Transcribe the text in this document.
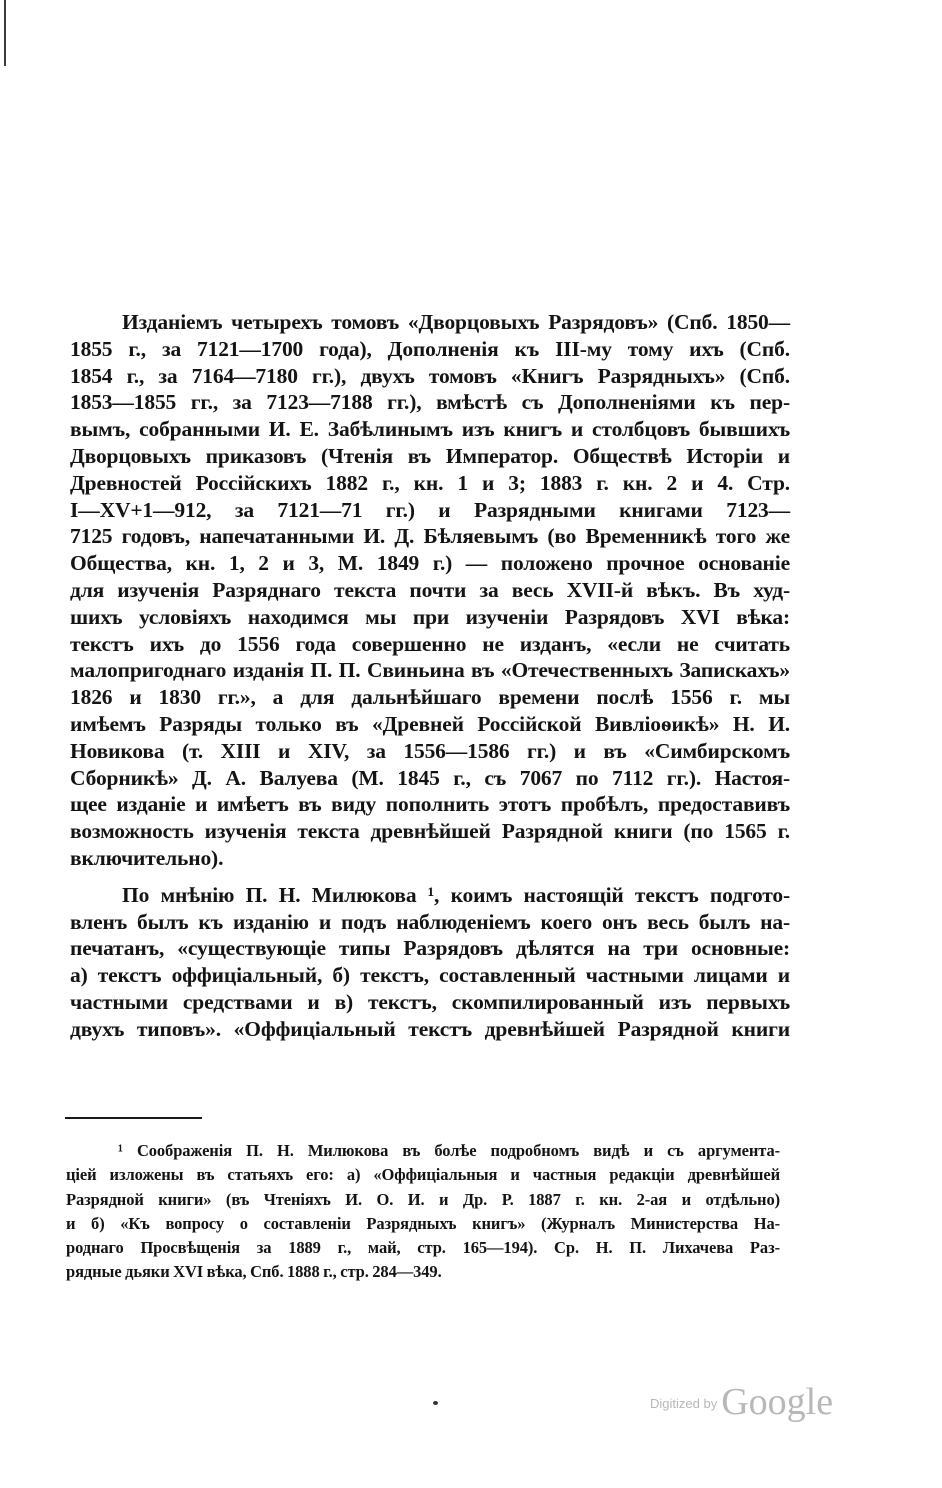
Изданіемъ четырехъ томовъ «Дворцовыхъ Разрядовъ» (Спб. 1850—
1855 г., за 7121—1700 года), Дополненія къ III-му тому ихъ (Спб.
1854 г., за 7164—7180 гг.), двухъ томовъ «Книгъ Разрядныхъ» (Спб.
1853—1855 гг., за 7123—7188 гг.), вмѣстѣ съ Дополненіями къ пер-
вымъ, собранными И. Е. Забѣлинымъ изъ книгъ и столбцовъ бывшихъ
Дворцовыхъ приказовъ (Чтенія въ Император. Обществѣ Исторіи и
Древностей Россійскихъ 1882 г., кн. 1 и 3; 1883 г. кн. 2 и 4. Стр.
I—XV+1—912, за 7121—71 гг.) и Разрядными книгами 7123—
7125 годовъ, напечатанными И. Д. Бѣляевымъ (во Временникѣ того же
Общества, кн. 1, 2 и 3, М. 1849 г.) — положено прочное основаніе
для изученія Разряднаго текста почти за весь XVII-й вѣкъ. Въ худ-
шихъ условіяхъ находимся мы при изученіи Разрядовъ XVI вѣка:
текстъ ихъ до 1556 года совершенно не изданъ, «если не считать
малопригоднаго изданія П. П. Свиньина въ «Отечественныхъ Запискахъ»
1826 и 1830 гг.», а для дальнѣйшаго времени послѣ 1556 г. мы
имѣемъ Разряды только въ «Древней Россійской Вивліоѳикѣ» Н. И.
Новикова (т. XIII и XIV, за 1556—1586 гг.) и въ «Симбирскомъ
Сборникѣ» Д. А. Валуева (М. 1845 г., съ 7067 по 7112 гг.). Настоя-
щее изданіе и имѣетъ въ виду пополнить этотъ пробѣлъ, предоставивъ
возможность изученія текста древнѣйшей Разрядной книги (по 1565 г.
включительно).
По мнѣнію П. Н. Милюкова ¹, коимъ настоящій текстъ подгото-
вленъ былъ къ изданію и подъ наблюденіемъ коего онъ весь былъ на-
печатанъ, «существующіе типы Разрядовъ дѣлятся на три основные:
а) текстъ оффиціальный, б) текстъ, составленный частными лицами и
частными средствами и в) текстъ, скомпилированный изъ первыхъ
двухъ типовъ». «Оффиціальный текстъ древнѣйшей Разрядной книги
¹ Соображенія П. Н. Милюкова въ болѣе подробномъ видѣ и съ аргумента-
ціей изложены въ статьяхъ его: а) «Оффиціальныя и частныя редакціи древнѣйшей
Разрядной книги» (въ Чтеніяхъ И. О. И. и Др. Р. 1887 г. кн. 2-ая и отдѣльно)
и б) «Къ вопросу о составленіи Разрядныхъ книгъ» (Журналъ Министерства На-
роднаго Просвѣщенія за 1889 г., май, стр. 165—194). Ср. Н. П. Лихачева Раз-
рядные дьяки XVI вѣка, Спб. 1888 г., стр. 284—349.
$^{Digitized by}$ Google
